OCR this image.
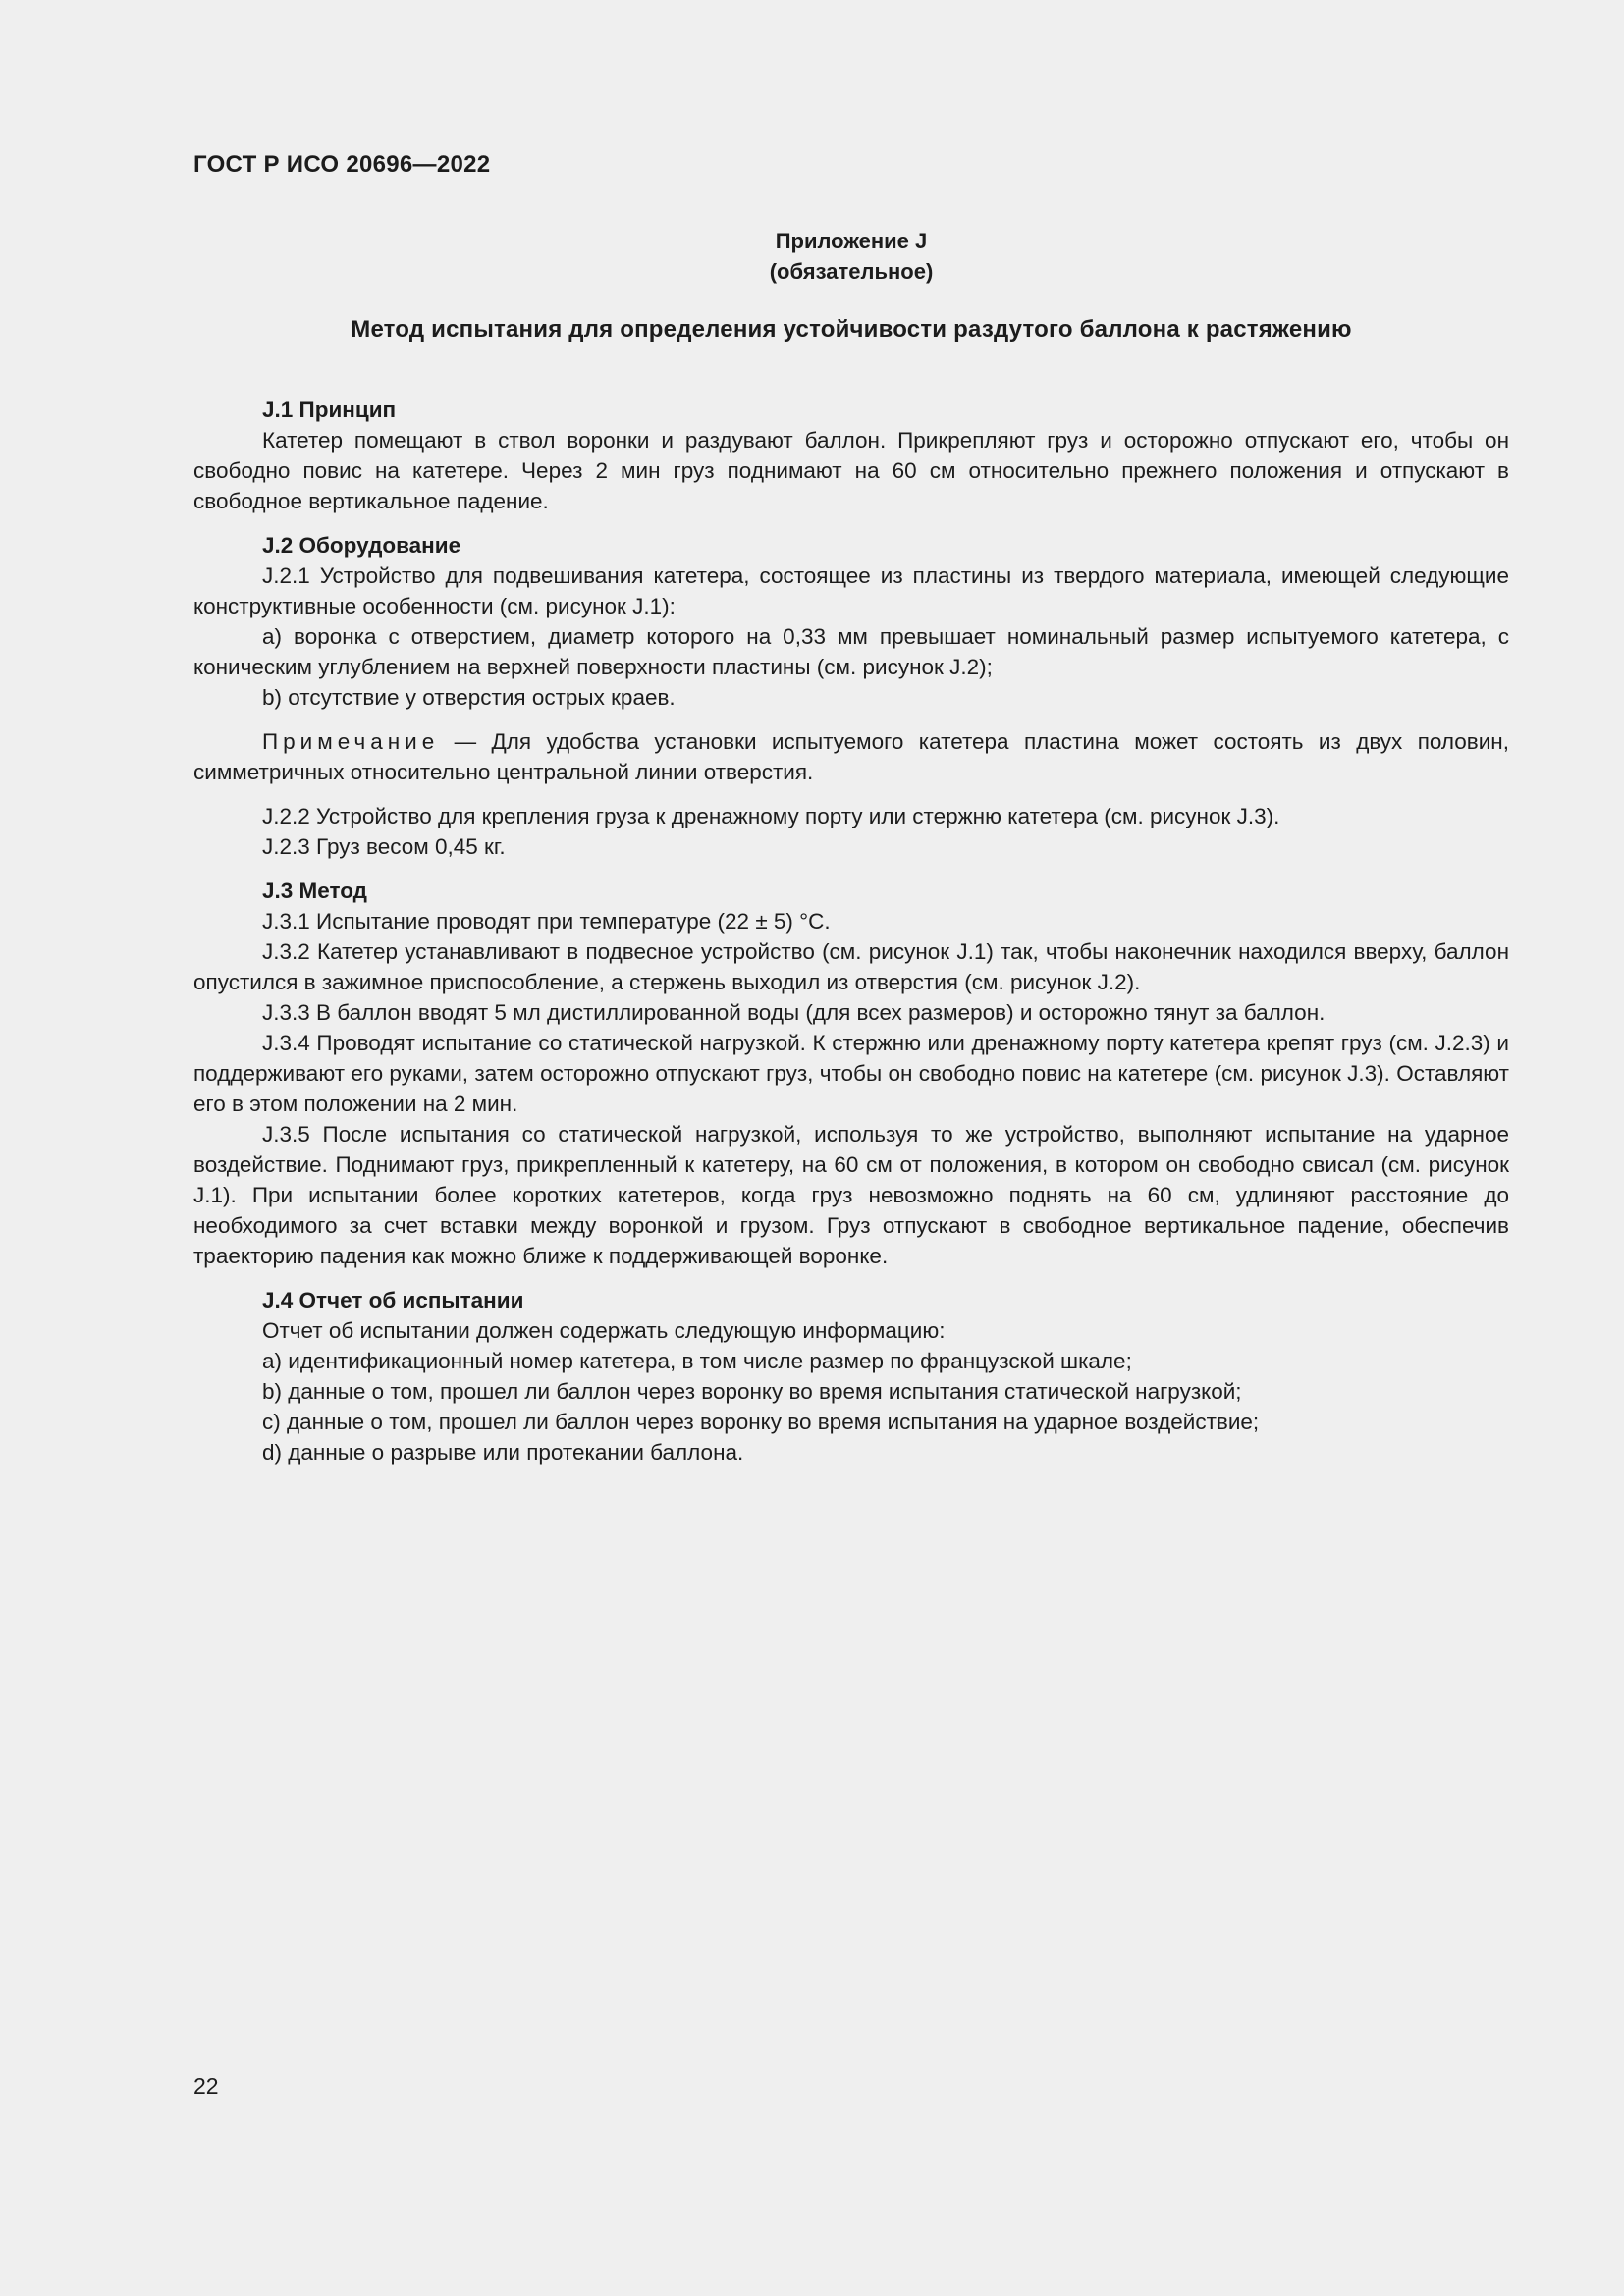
ГОСТ Р ИСО 20696—2022
Приложение J
(обязательное)
Метод испытания для определения устойчивости раздутого баллона к растяжению
J.1 Принцип
Катетер помещают в ствол воронки и раздувают баллон. Прикрепляют груз и осторожно отпускают его, чтобы он свободно повис на катетере. Через 2 мин груз поднимают на 60 см относительно прежнего положения и отпускают в свободное вертикальное падение.
J.2 Оборудование
J.2.1 Устройство для подвешивания катетера, состоящее из пластины из твердого материала, имеющей следующие конструктивные особенности (см. рисунок J.1):
а) воронка с отверстием, диаметр которого на 0,33 мм превышает номинальный размер испытуемого катетера, с коническим углублением на верхней поверхности пластины (см. рисунок J.2);
b) отсутствие у отверстия острых краев.
Примечание — Для удобства установки испытуемого катетера пластина может состоять из двух половин, симметричных относительно центральной линии отверстия.
J.2.2 Устройство для крепления груза к дренажному порту или стержню катетера (см. рисунок J.3).
J.2.3 Груз весом 0,45 кг.
J.3 Метод
J.3.1 Испытание проводят при температуре (22 ± 5) °С.
J.3.2 Катетер устанавливают в подвесное устройство (см. рисунок J.1) так, чтобы наконечник находился вверху, баллон опустился в зажимное приспособление, а стержень выходил из отверстия (см. рисунок J.2).
J.3.3 В баллон вводят 5 мл дистиллированной воды (для всех размеров) и осторожно тянут за баллон.
J.3.4 Проводят испытание со статической нагрузкой. К стержню или дренажному порту катетера крепят груз (см. J.2.3) и поддерживают его руками, затем осторожно отпускают груз, чтобы он свободно повис на катетере (см. рисунок J.3). Оставляют его в этом положении на 2 мин.
J.3.5 После испытания со статической нагрузкой, используя то же устройство, выполняют испытание на ударное воздействие. Поднимают груз, прикрепленный к катетеру, на 60 см от положения, в котором он свободно свисал (см. рисунок J.1). При испытании более коротких катетеров, когда груз невозможно поднять на 60 см, удлиняют расстояние до необходимого за счет вставки между воронкой и грузом. Груз отпускают в свободное вертикальное падение, обеспечив траекторию падения как можно ближе к поддерживающей воронке.
J.4 Отчет об испытании
Отчет об испытании должен содержать следующую информацию:
а) идентификационный номер катетера, в том числе размер по французской шкале;
b) данные о том, прошел ли баллон через воронку во время испытания статической нагрузкой;
с) данные о том, прошел ли баллон через воронку во время испытания на ударное воздействие;
d) данные о разрыве или протекании баллона.
22
